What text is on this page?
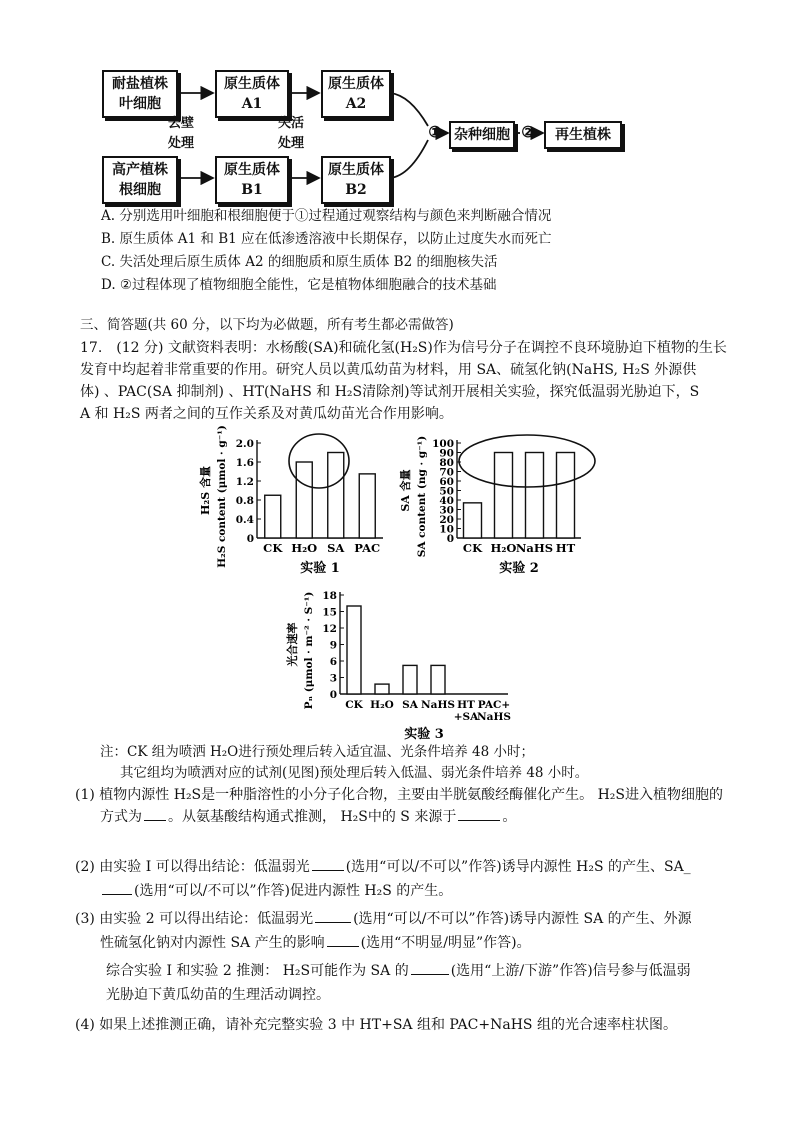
耐盐植株
叶细胞
高产植株
根细胞
原生质体
A1
原生质体
B1
原生质体
A2
原生质体
B2
杂种细胞	再生植株
去壁
处理
失活
处理
①	②
A. 分别选用叶细胞和根细胞便于①过程通过观察结构与颜色来判断融合情况
B. 原生质体 A1 和 B1 应在低渗透溶液中长期保存，以防止过度失水而死亡
C. 失活处理后原生质体 A2 的细胞质和原生质体 B2 的细胞核失活
D. ②过程体现了植物细胞全能性，它是植物体细胞融合的技术基础
三、简答题(共 60 分，以下均为必做题，所有考生都必需做答)
17.　(12 分) 文献资料表明：水杨酸(SA)和硫化氢(H₂S)作为信号分子在调控不良环境胁迫下植物的生长
发育中均起着非常重要的作用。研究人员以黄瓜幼苗为材料，用 SA、硫氢化钠(NaHS, H₂S 外源供
体) 、PAC(SA 抑制剂) 、HT(NaHS 和 H₂S清除剂)等试剂开展相关实验，探究低温弱光胁迫下，S
A 和 H₂S 两者之间的互作关系及对黄瓜幼苗光合作用影响。
H₂S 含量 H₂S content (μmol · g⁻¹) 0
0.4
0.8
1.2
1.6
2.0
CK H₂O SA PAC
实验 1
SA 含量 SA content (ng · g⁻¹) 0
10
20
30
40
50
60
70
80
90
100
CK H₂O NaHS HT
实验 2
光合速率 Pₙ (μmol · m⁻² · S⁻¹) 0
3
6
9
12
15
18
CK H₂O SA NaHS HT
+SA
PAC+
NaHS
实验 3
注：CK 组为喷洒 H₂O进行预处理后转入适宜温、光条件培养 48 小时；
其它组均为喷洒对应的试剂(见图)预处理后转入低温、弱光条件培养 48 小时。
(1) 植物内源性 H₂S是一种脂溶性的小分子化合物，主要由半胱氨酸经酶催化产生。 H₂S进入植物细胞的
方式为 。从氨基酸结构通式推测， H₂S中的 S 来源于	。
(2) 由实验 I 可以得出结论：低温弱光	(选用“可以/不可以”作答)诱导内源性 H₂S 的产生、SA_
(选用“可以/不可以”作答)促进内源性 H₂S 的产生。
(3) 由实验 2 可以得出结论：低温弱光	(选用“可以/不可以”作答)诱导内源性 SA 的产生、外源
性硫氢化钠对内源性 SA 产生的影响	(选用“不明显/明显”作答)。
综合实验 I 和实验 2 推测： H₂S可能作为 SA 的	(选用“上游/下游”作答)信号参与低温弱
光胁迫下黄瓜幼苗的生理活动调控。
(4) 如果上述推测正确，请补充完整实验 3 中 HT+SA 组和 PAC+NaHS 组的光合速率柱状图。
